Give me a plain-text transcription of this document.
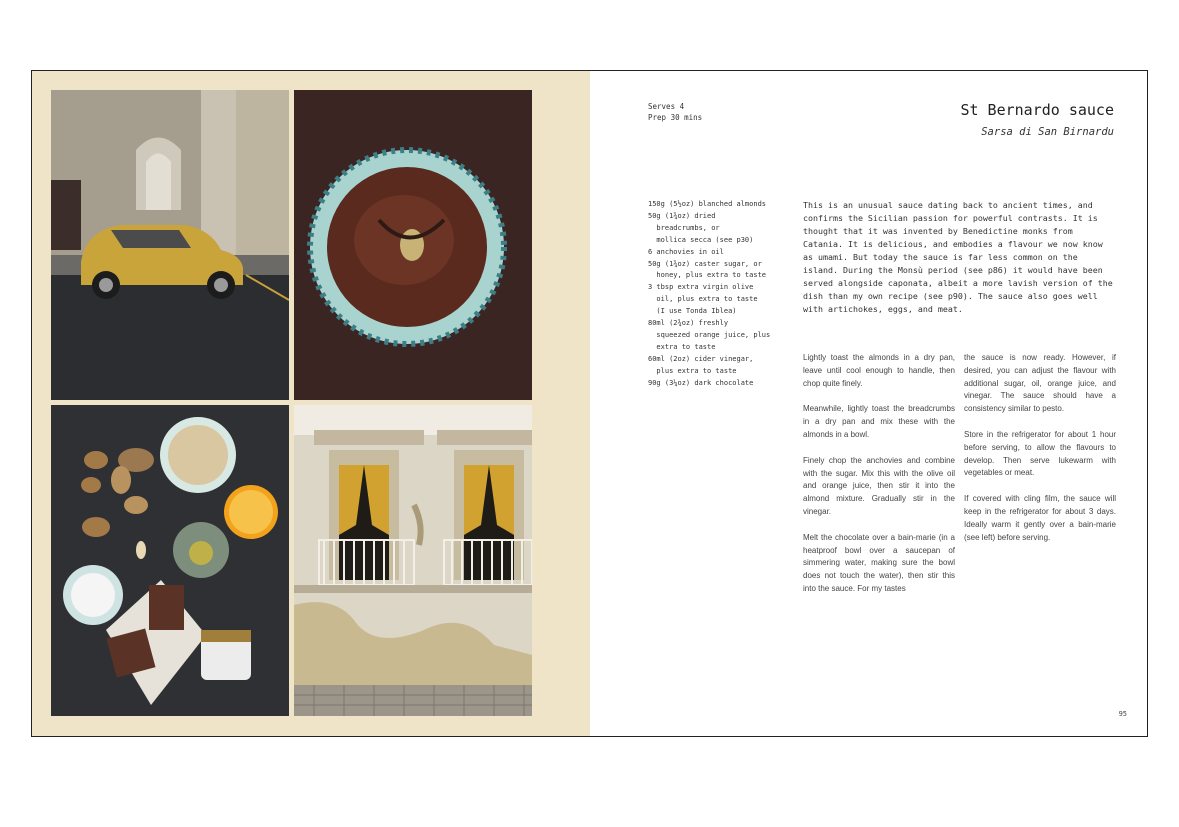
Serves 4
Prep 30 mins	St Bernardo sauce
Sarsa di San Birnardu
150g (5½oz) blanched almonds
50g (1¾oz) dried
breadcrumbs, or
mollica secca (see p30)
6 anchovies in oil
50g (1¾oz) caster sugar, or
honey, plus extra to taste
3 tbsp extra virgin olive
oil, plus extra to taste
(I use Tonda Iblea)
80ml (2¾oz) freshly
squeezed orange juice, plus
extra to taste
60ml (2oz) cider vinegar,
plus extra to taste
90g (3¼oz) dark chocolate
This is an unusual sauce dating back to ancient times, and confirms the Sicilian passion for powerful contrasts. It is thought that it was invented by Benedictine monks from Catania. It is delicious, and embodies a flavour we now know as umami. But today the sauce is far less common on the island. During the Monsù period (see p86) it would have been served alongside caponata, albeit a more lavish version of the dish than my own recipe (see p90). The sauce also goes well with artichokes, eggs, and meat.

Lightly toast the almonds in a dry pan, leave until cool enough to handle, then chop quite finely.

Meanwhile, lightly toast the breadcrumbs in a dry pan and mix these with the almonds in a bowl.

Finely chop the anchovies and combine with the sugar. Mix this with the olive oil and orange juice, then stir it into the almond mixture. Gradually stir in the vinegar.

Melt the chocolate over a bain-marie (in a heatproof bowl over a saucepan of simmering water, making sure the bowl does not touch the water), then stir this into the sauce. For my tastes

the sauce is now ready. However, if desired, you can adjust the flavour with additional sugar, oil, orange juice, and vinegar. The sauce should have a consistency similar to pesto.

Store in the refrigerator for about 1 hour before serving, to allow the flavours to develop. Then serve lukewarm with vegetables or meat.

If covered with cling film, the sauce will keep in the refrigerator for about 3 days. Ideally warm it gently over a bain-marie (see left) before serving.

95
